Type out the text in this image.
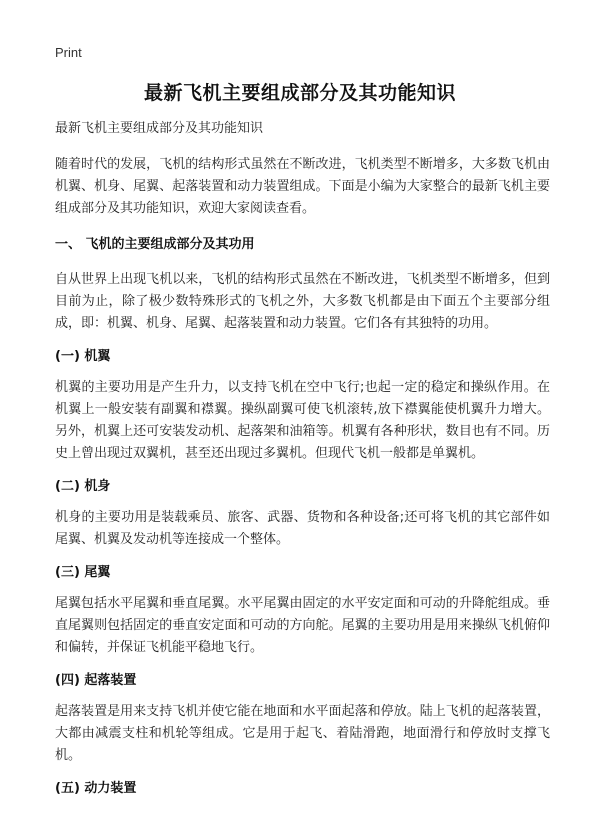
Print
最新飞机主要组成部分及其功能知识
最新飞机主要组成部分及其功能知识

随着时代的发展，飞机的结构形式虽然在不断改进，飞机类型不断增多，大多数飞机由机翼、机身、尾翼、起落装置和动力装置组成。下面是小编为大家整合的最新飞机主要组成部分及其功能知识，欢迎大家阅读查看。

一、 飞机的主要组成部分及其功用

自从世界上出现飞机以来，飞机的结构形式虽然在不断改进，飞机类型不断增多，但到目前为止，除了极少数特殊形式的飞机之外，大多数飞机都是由下面五个主要部分组成，即：机翼、机身、尾翼、起落装置和动力装置。它们各有其独特的功用。

(一) 机翼

机翼的主要功用是产生升力，以支持飞机在空中飞行;也起一定的稳定和操纵作用。在机翼上一般安装有副翼和襟翼。操纵副翼可使飞机滚转,放下襟翼能使机翼升力增大。另外，机翼上还可安装发动机、起落架和油箱等。机翼有各种形状，数目也有不同。历史上曾出现过双翼机，甚至还出现过多翼机。但现代飞机一般都是单翼机。

(二) 机身

机身的主要功用是装载乘员、旅客、武器、货物和各种设备;还可将飞机的其它部件如尾翼、机翼及发动机等连接成一个整体。

(三) 尾翼

尾翼包括水平尾翼和垂直尾翼。水平尾翼由固定的水平安定面和可动的升降舵组成。垂直尾翼则包括固定的垂直安定面和可动的方向舵。尾翼的主要功用是用来操纵飞机俯仰和偏转，并保证飞机能平稳地飞行。

(四) 起落装置

起落装置是用来支持飞机并使它能在地面和水平面起落和停放。陆上飞机的起落装置，大都由减震支柱和机轮等组成。它是用于起飞、着陆滑跑，地面滑行和停放时支撑飞机。

(五) 动力装置
